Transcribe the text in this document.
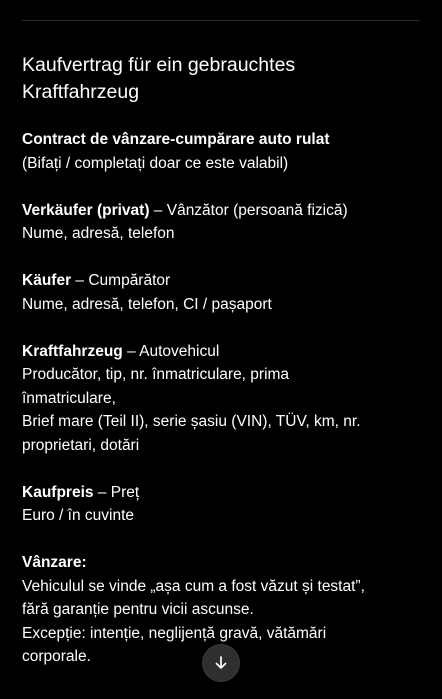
Kaufvertrag für ein gebrauchtes
Kraftfahrzeug
Contract de vânzare-cumpărare auto rulat
(Bifați / completați doar ce este valabil)
Verkäufer (privat) – Vânzător (persoană fizică)
Nume, adresă, telefon
Käufer – Cumpărător
Nume, adresă, telefon, CI / pașaport
Kraftfahrzeug – Autovehicul
Producător, tip, nr. înmatriculare, prima
înmatriculare,
Brief mare (Teil II), serie șasiu (VIN), TÜV, km, nr.
proprietari, dotări
Kaufpreis – Preț
Euro / în cuvinte
Vânzare:
Vehiculul se vinde „așa cum a fost văzut și testat”,
fără garanție pentru vicii ascunse.
Excepție: intenție, neglijență gravă, vătămări
corporale.
